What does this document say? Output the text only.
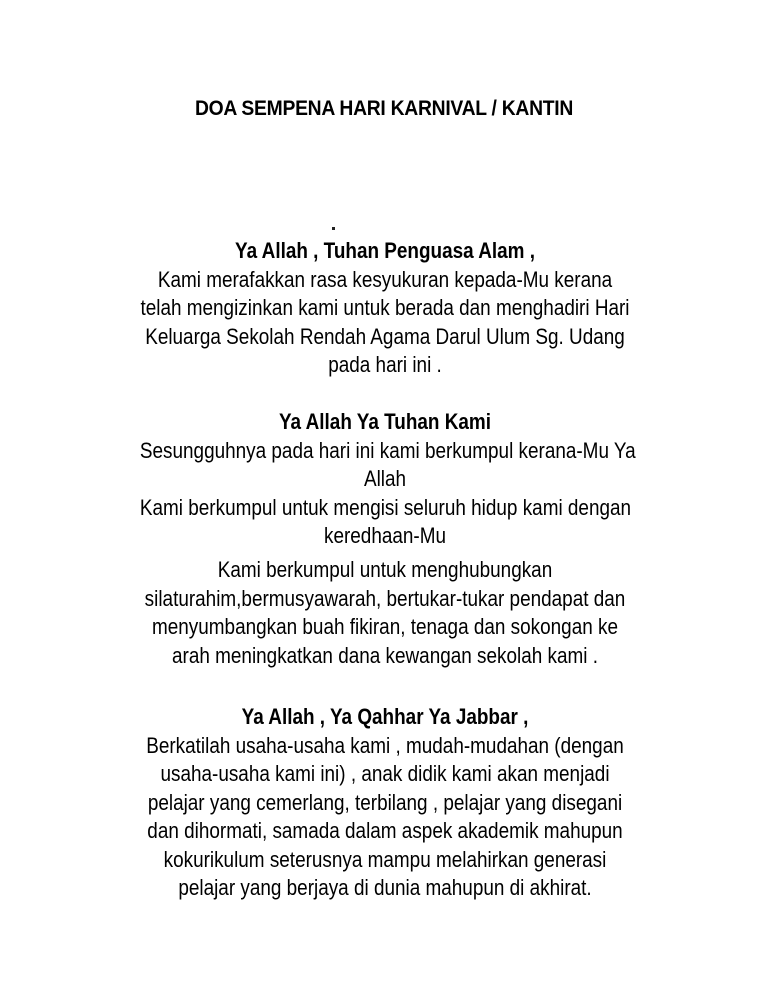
DOA SEMPENA HARI KARNIVAL / KANTIN
Ya Allah , Tuhan Penguasa Alam ,
Kami merafakkan rasa kesyukuran kepada-Mu kerana
telah mengizinkan kami untuk berada dan menghadiri Hari
Keluarga Sekolah Rendah Agama Darul Ulum Sg. Udang
pada hari ini .
Ya Allah Ya Tuhan Kami
Sesungguhnya pada hari ini kami berkumpul kerana-Mu Ya
Allah
Kami berkumpul untuk mengisi seluruh hidup kami dengan
keredhaan-Mu
Kami berkumpul untuk menghubungkan
silaturahim,bermusyawarah, bertukar-tukar pendapat dan
menyumbangkan buah fikiran, tenaga dan sokongan ke
arah meningkatkan dana kewangan sekolah kami .
Ya Allah , Ya Qahhar Ya Jabbar ,
Berkatilah usaha-usaha kami , mudah-mudahan (dengan
usaha-usaha kami ini) , anak didik kami akan menjadi
pelajar yang cemerlang, terbilang , pelajar yang disegani
dan dihormati, samada dalam aspek akademik mahupun
kokurikulum seterusnya mampu melahirkan generasi
pelajar yang berjaya di dunia mahupun di akhirat.
